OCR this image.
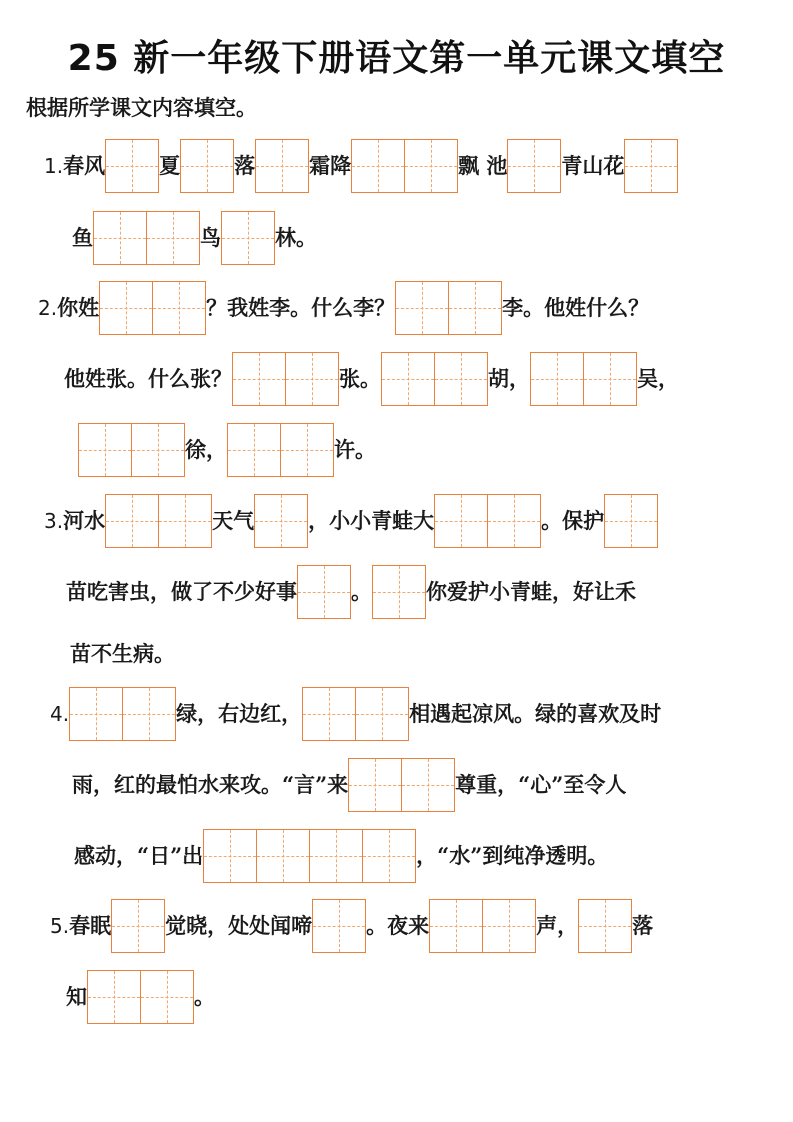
25 新一年级下册语文第一单元课文填空
根据所学课文内容填空。
1. 春风	夏	落	霜降	飘 池	青山花
鱼	鸟	林。
2. 你姓	？我姓李。什么李？	李。他姓什么？
他姓张。什么张？	张。	胡，	吴，
徐，	许。
3. 河水	天气	，小小青蛙大	。保护
苗吃害虫，做了不少好事	。	你爱护小青蛙，好让禾
苗不生病。
4.	绿，右边红，	相遇起凉风。绿的喜欢及时
雨，红的最怕水来攻。“言”来	尊重，“心”至令人
感动，“日”出	，“水”到纯净透明。
5. 春眠	觉晓，处处闻啼	。夜来	声，	落
知	。
